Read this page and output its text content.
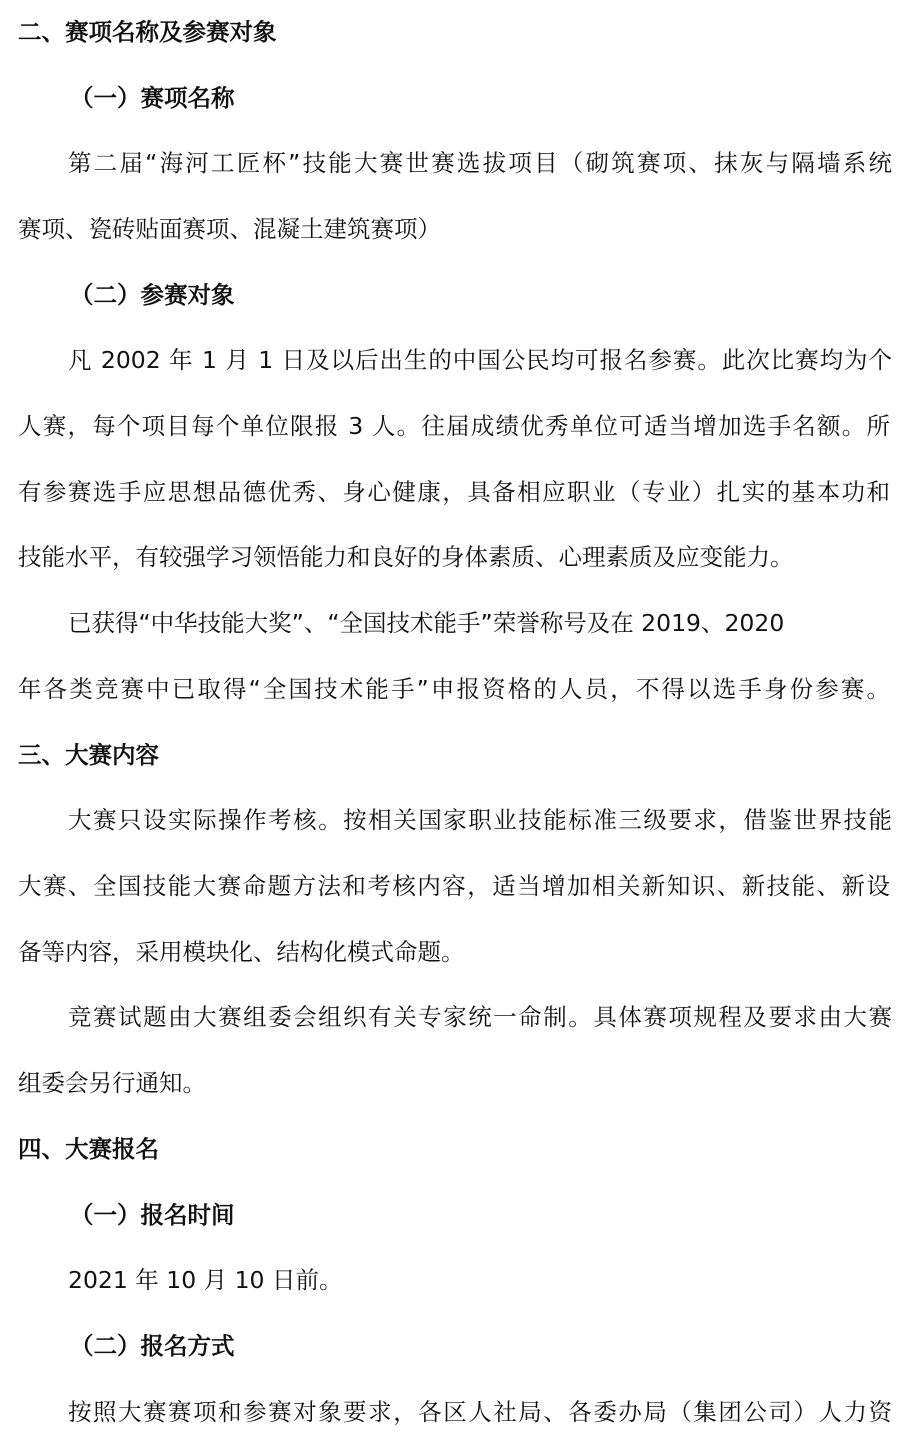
二、赛项名称及参赛对象
（一）赛项名称
第二届“海河工匠杯”技能大赛世赛选拔项目（砌筑赛项、抹灰与隔墙系统
赛项、瓷砖贴面赛项、混凝土建筑赛项）
（二）参赛对象
凡 2002 年 1 月 1 日及以后出生的中国公民均可报名参赛。此次比赛均为个
人赛，每个项目每个单位限报 3 人。往届成绩优秀单位可适当增加选手名额。所
有参赛选手应思想品德优秀、身心健康，具备相应职业（专业）扎实的基本功和
技能水平，有较强学习领悟能力和良好的身体素质、心理素质及应变能力。
已获得“中华技能大奖”、“全国技术能手”荣誉称号及在 2019、2020
年各类竞赛中已取得“全国技术能手”申报资格的人员，不得以选手身份参赛。
三、大赛内容
大赛只设实际操作考核。按相关国家职业技能标准三级要求，借鉴世界技能
大赛、全国技能大赛命题方法和考核内容，适当增加相关新知识、新技能、新设
备等内容，采用模块化、结构化模式命题。
竞赛试题由大赛组委会组织有关专家统一命制。具体赛项规程及要求由大赛
组委会另行通知。
四、大赛报名
（一）报名时间
2021 年 10 月 10 日前。
（二）报名方式
按照大赛赛项和参赛对象要求，各区人社局、各委办局（集团公司）人力资
